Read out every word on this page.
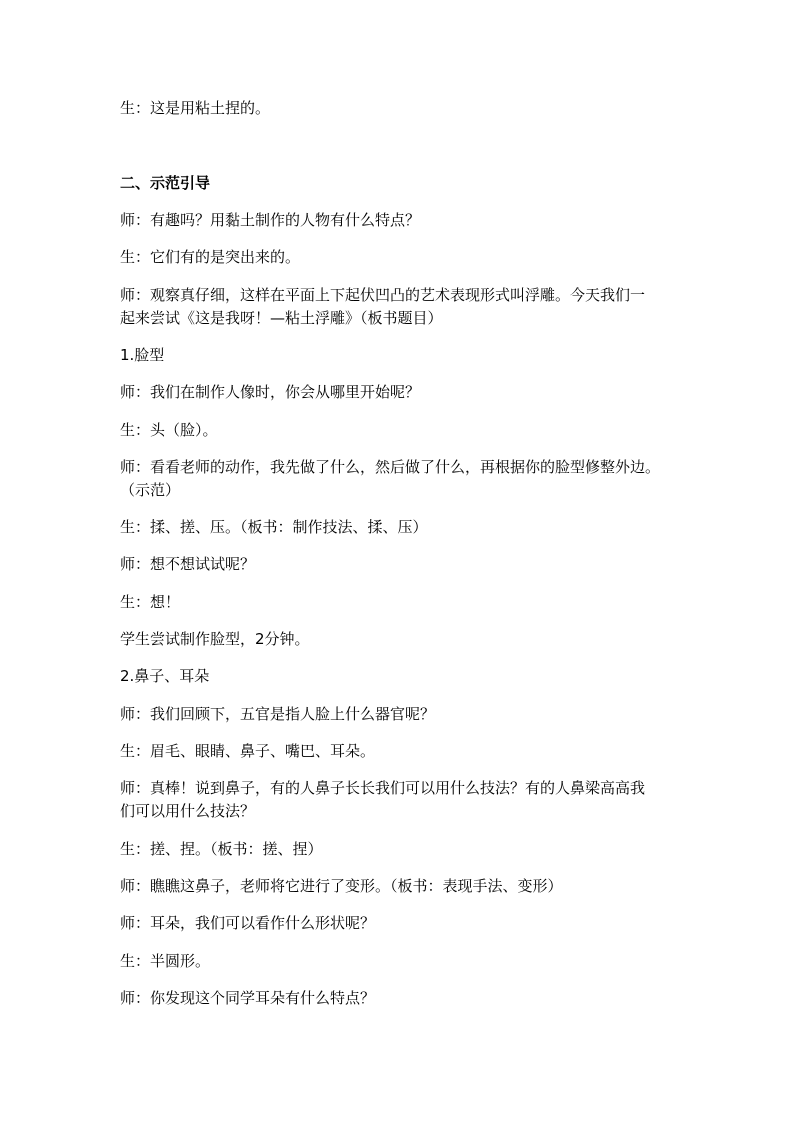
生：这是用粘土捏的。
二、示范引导
师：有趣吗？用黏土制作的人物有什么特点？
生：它们有的是突出来的。
师：观察真仔细，这样在平面上下起伏凹凸的艺术表现形式叫浮雕。今天我们一
起来尝试《这是我呀！—粘土浮雕》（板书题目）
1.脸型
师：我们在制作人像时，你会从哪里开始呢？
生：头（脸）。
师：看看老师的动作，我先做了什么，然后做了什么，再根据你的脸型修整外边。
（示范）
生：揉、搓、压。（板书：制作技法、揉、压）
师：想不想试试呢？
生：想！
学生尝试制作脸型，2分钟。
2.鼻子、耳朵
师：我们回顾下，五官是指人脸上什么器官呢？
生：眉毛、眼睛、鼻子、嘴巴、耳朵。
师：真棒！说到鼻子，有的人鼻子长长我们可以用什么技法？有的人鼻梁高高我
们可以用什么技法？
生：搓、捏。（板书：搓、捏）
师：瞧瞧这鼻子，老师将它进行了变形。（板书：表现手法、变形）
师：耳朵，我们可以看作什么形状呢？
生：半圆形。
师：你发现这个同学耳朵有什么特点？
